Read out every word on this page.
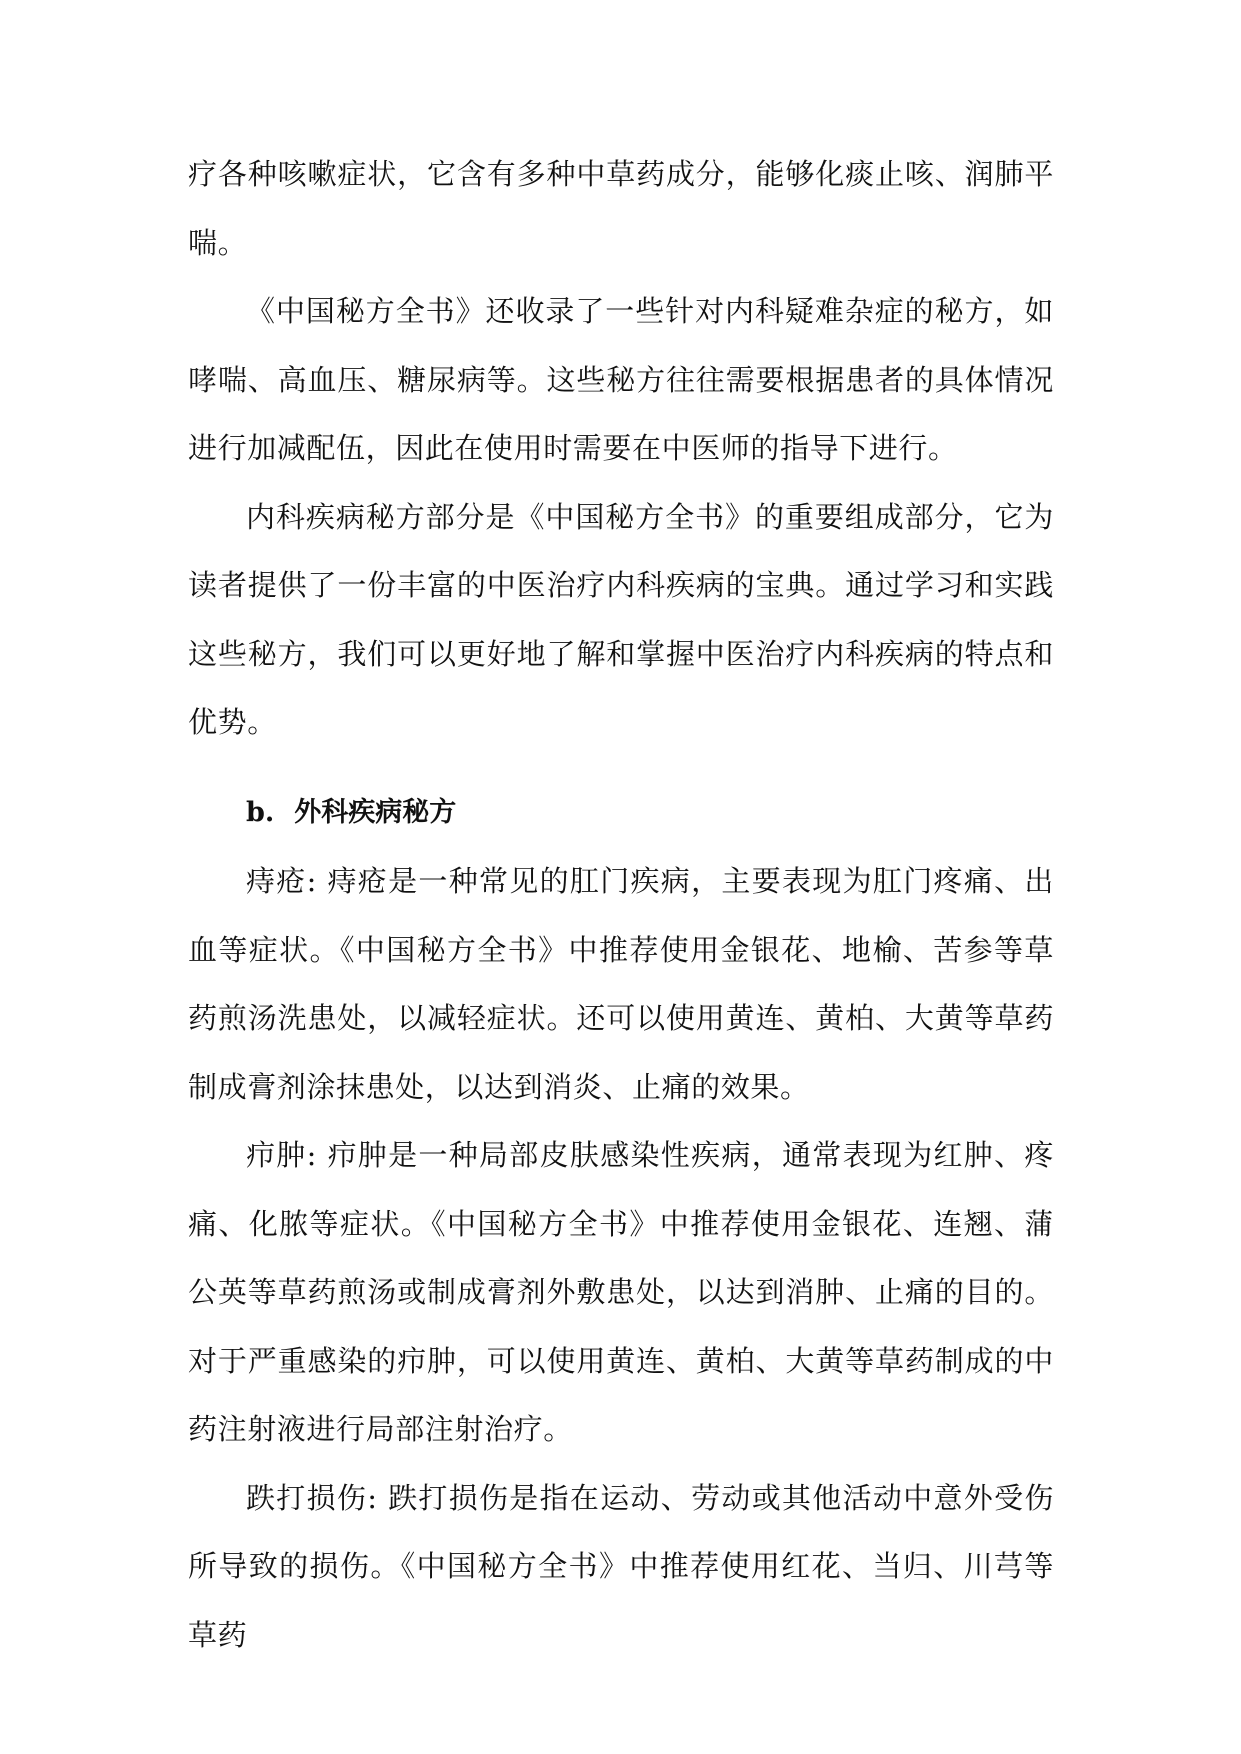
疗各种咳嗽症状，它含有多种中草药成分，能够化痰止咳、润肺平喘。

《中国秘方全书》还收录了一些针对内科疑难杂症的秘方，如哮喘、高血压、糖尿病等。这些秘方往往需要根据患者的具体情况进行加减配伍，因此在使用时需要在中医师的指导下进行。

内科疾病秘方部分是《中国秘方全书》的重要组成部分，它为读者提供了一份丰富的中医治疗内科疾病的宝典。通过学习和实践这些秘方，我们可以更好地了解和掌握中医治疗内科疾病的特点和优势。

b. 外科疾病秘方

痔疮: 痔疮是一种常见的肛门疾病，主要表现为肛门疼痛、出血等症状。《中国秘方全书》中推荐使用金银花、地榆、苦参等草药煎汤洗患处，以减轻症状。还可以使用黄连、黄柏、大黄等草药制成膏剂涂抹患处，以达到消炎、止痛的效果。

疖肿: 疖肿是一种局部皮肤感染性疾病，通常表现为红肿、疼痛、化脓等症状。《中国秘方全书》中推荐使用金银花、连翘、蒲公英等草药煎汤或制成膏剂外敷患处，以达到消肿、止痛的目的。对于严重感染的疖肿，可以使用黄连、黄柏、大黄等草药制成的中药注射液进行局部注射治疗。

跌打损伤: 跌打损伤是指在运动、劳动或其他活动中意外受伤所导致的损伤。《中国秘方全书》中推荐使用红花、当归、川芎等草药
